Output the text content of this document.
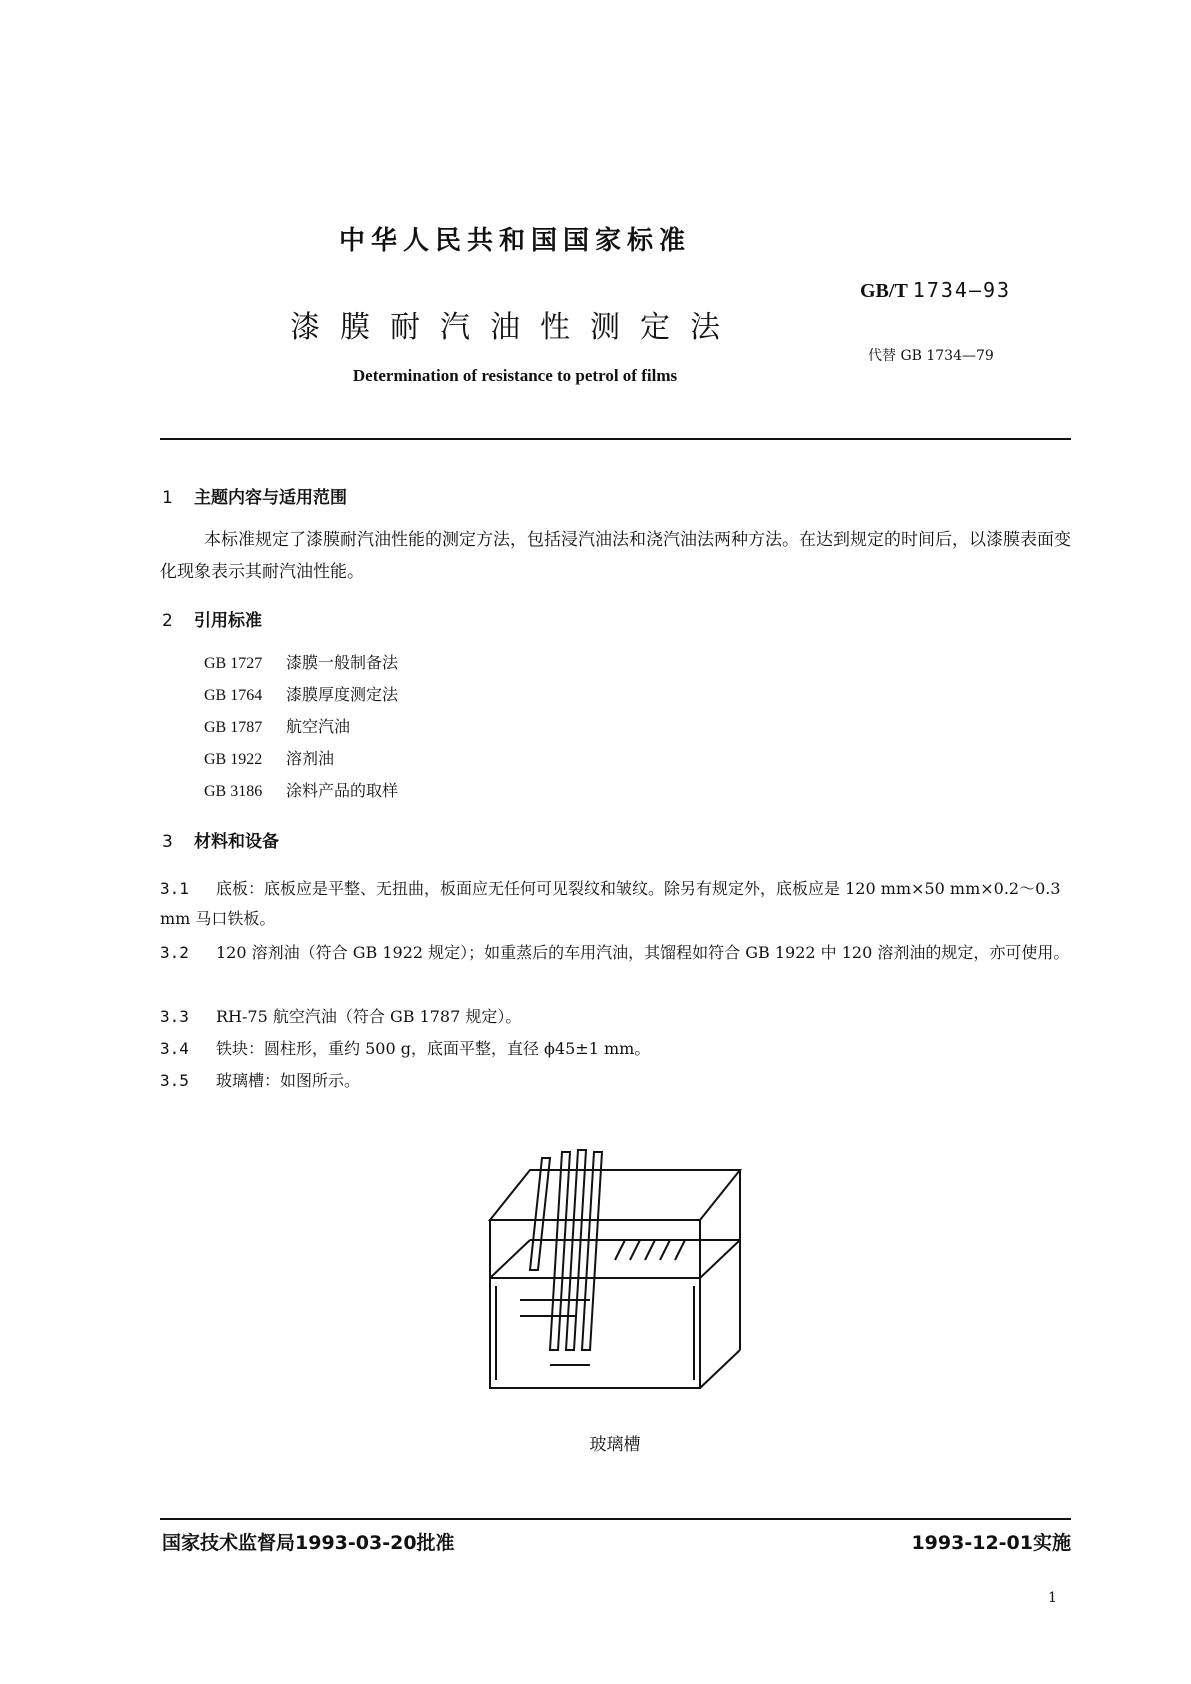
中华人民共和国国家标准
GB/T 1734—93
漆膜耐汽油性测定法
代替 GB 1734—79
Determination of resistance to petrol of films
1 主题内容与适用范围
本标准规定了漆膜耐汽油性能的测定方法，包括浸汽油法和浇汽油法两种方法。在达到规定的时间后，以漆膜表面变化现象表示其耐汽油性能。
2 引用标准
GB 1727 漆膜一般制备法
GB 1764 漆膜厚度测定法
GB 1787 航空汽油
GB 1922 溶剂油
GB 3186 涂料产品的取样
3 材料和设备
3.1 底板：底板应是平整、无扭曲，板面应无任何可见裂纹和皱纹。除另有规定外，底板应是 120 mm×50 mm×0.2～0.3 mm 马口铁板。
3.2 120 溶剂油（符合 GB 1922 规定）；如重蒸后的车用汽油，其馏程如符合 GB 1922 中 120 溶剂油的规定，亦可使用。
3.3 RH-75 航空汽油（符合 GB 1787 规定）。
3.4 铁块：圆柱形，重约 500 g，底面平整，直径 ϕ45±1 mm。
3.5 玻璃槽：如图所示。
玻璃槽
国家技术监督局1993-03-20批准	1993-12-01实施
1
